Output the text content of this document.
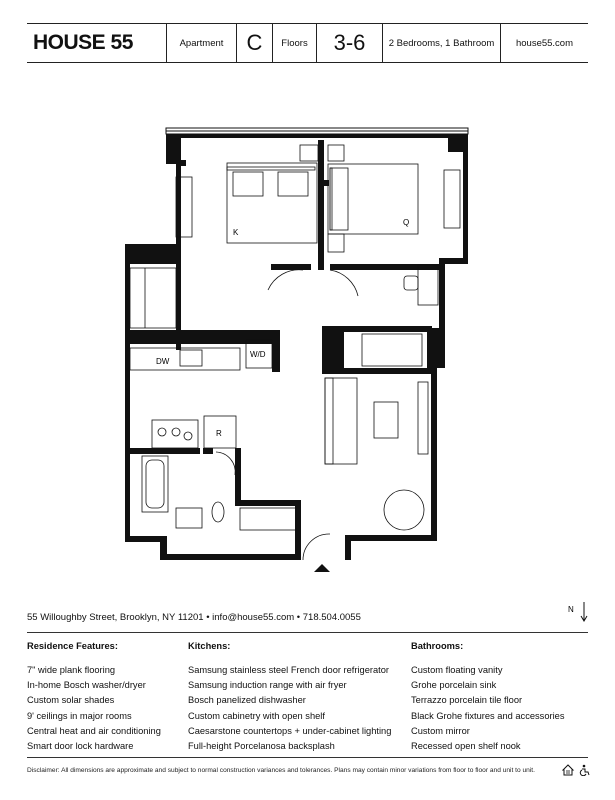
HOUSE 55	Apartment	C	Floors	3-6	2 Bedrooms, 1 Bathroom	house55.com
K
Q
DW
W/D
R
55 Willoughby Street, Brooklyn, NY 11201 • info@house55.com • 718.504.0055
N
Residence Features:
7" wide plank flooring
In-home Bosch washer/dryer
Custom solar shades
9' ceilings in major rooms
Central heat and air conditioning
Smart door lock hardware
Kitchens:
Samsung stainless steel French door refrigerator
Samsung induction range with air fryer
Bosch panelized dishwasher
Custom cabinetry with open shelf
Caesarstone countertops + under-cabinet lighting
Full-height Porcelanosa backsplash
Bathrooms:
Custom floating vanity
Grohe porcelain sink
Terrazzo porcelain tile floor
Black Grohe fixtures and accessories
Custom mirror
Recessed open shelf nook
Disclaimer: All dimensions are approximate and subject to normal construction variances and tolerances. Plans may contain minor variations from floor to floor and unit to unit.
